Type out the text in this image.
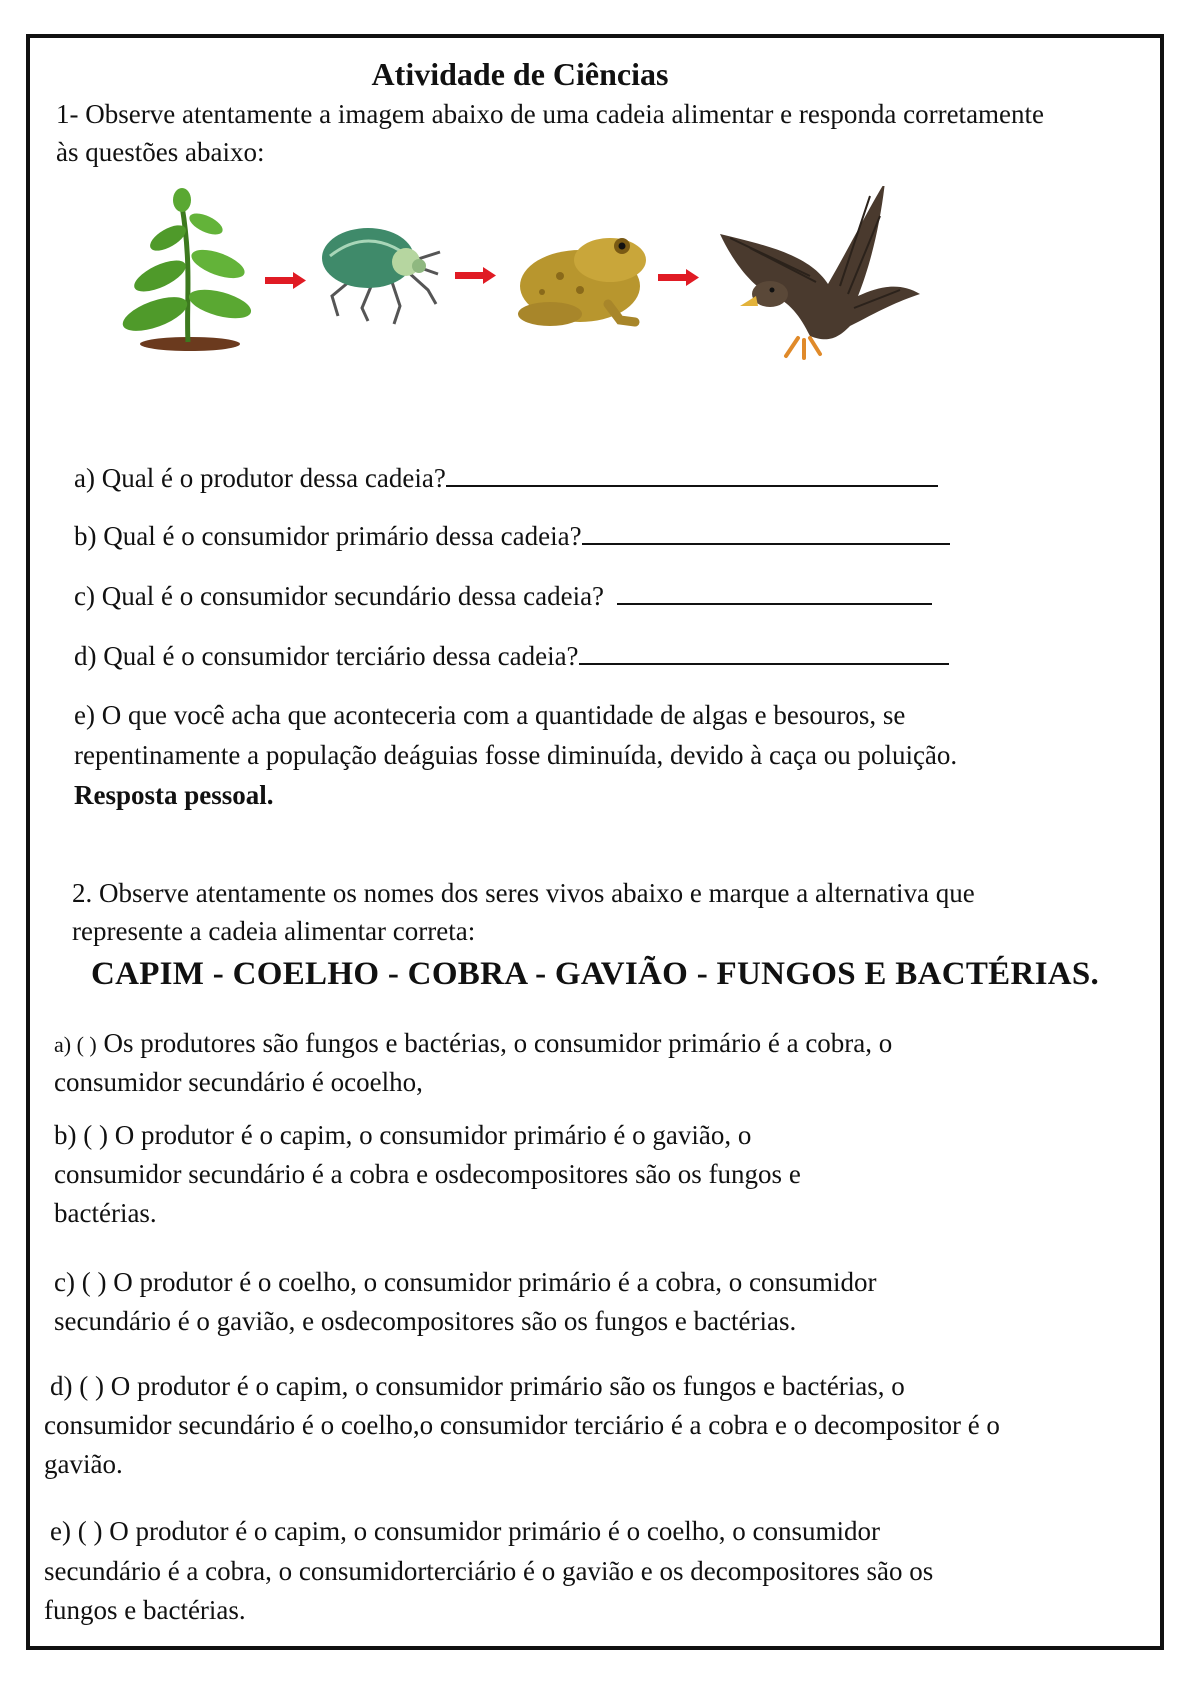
Atividade de Ciências
1- Observe atentamente a imagem abaixo de uma cadeia alimentar e responda corretamente
às questões abaixo:
a) Qual é o produtor dessa cadeia?
b) Qual é o consumidor primário dessa cadeia?
c) Qual é o consumidor secundário dessa cadeia?
d) Qual é o consumidor terciário dessa cadeia?
e) O que você acha que aconteceria com a quantidade de algas e besouros, se
repentinamente a população deáguias fosse diminuída, devido à caça ou poluição.
Resposta pessoal.
2. Observe atentamente os nomes dos seres vivos abaixo e marque a alternativa que
represente a cadeia alimentar correta:
CAPIM - COELHO - COBRA - GAVIÃO - FUNGOS E BACTÉRIAS.
a) ( ) Os produtores são fungos e bactérias, o consumidor primário é a cobra, o
consumidor secundário é ocoelho,
b) ( ) O produtor é o capim, o consumidor primário é o gavião, o
consumidor secundário é a cobra e osdecompositores são os fungos e
bactérias.
c) ( ) O produtor é o coelho, o consumidor primário é a cobra, o consumidor
secundário é o gavião, e osdecompositores são os fungos e bactérias.
d) ( ) O produtor é o capim, o consumidor primário são os fungos e bactérias, o
consumidor secundário é o coelho,o consumidor terciário é a cobra e o decompositor é o
gavião.
e) ( ) O produtor é o capim, o consumidor primário é o coelho, o consumidor
secundário é a cobra, o consumidorterciário é o gavião e os decompositores são os
fungos e bactérias.
